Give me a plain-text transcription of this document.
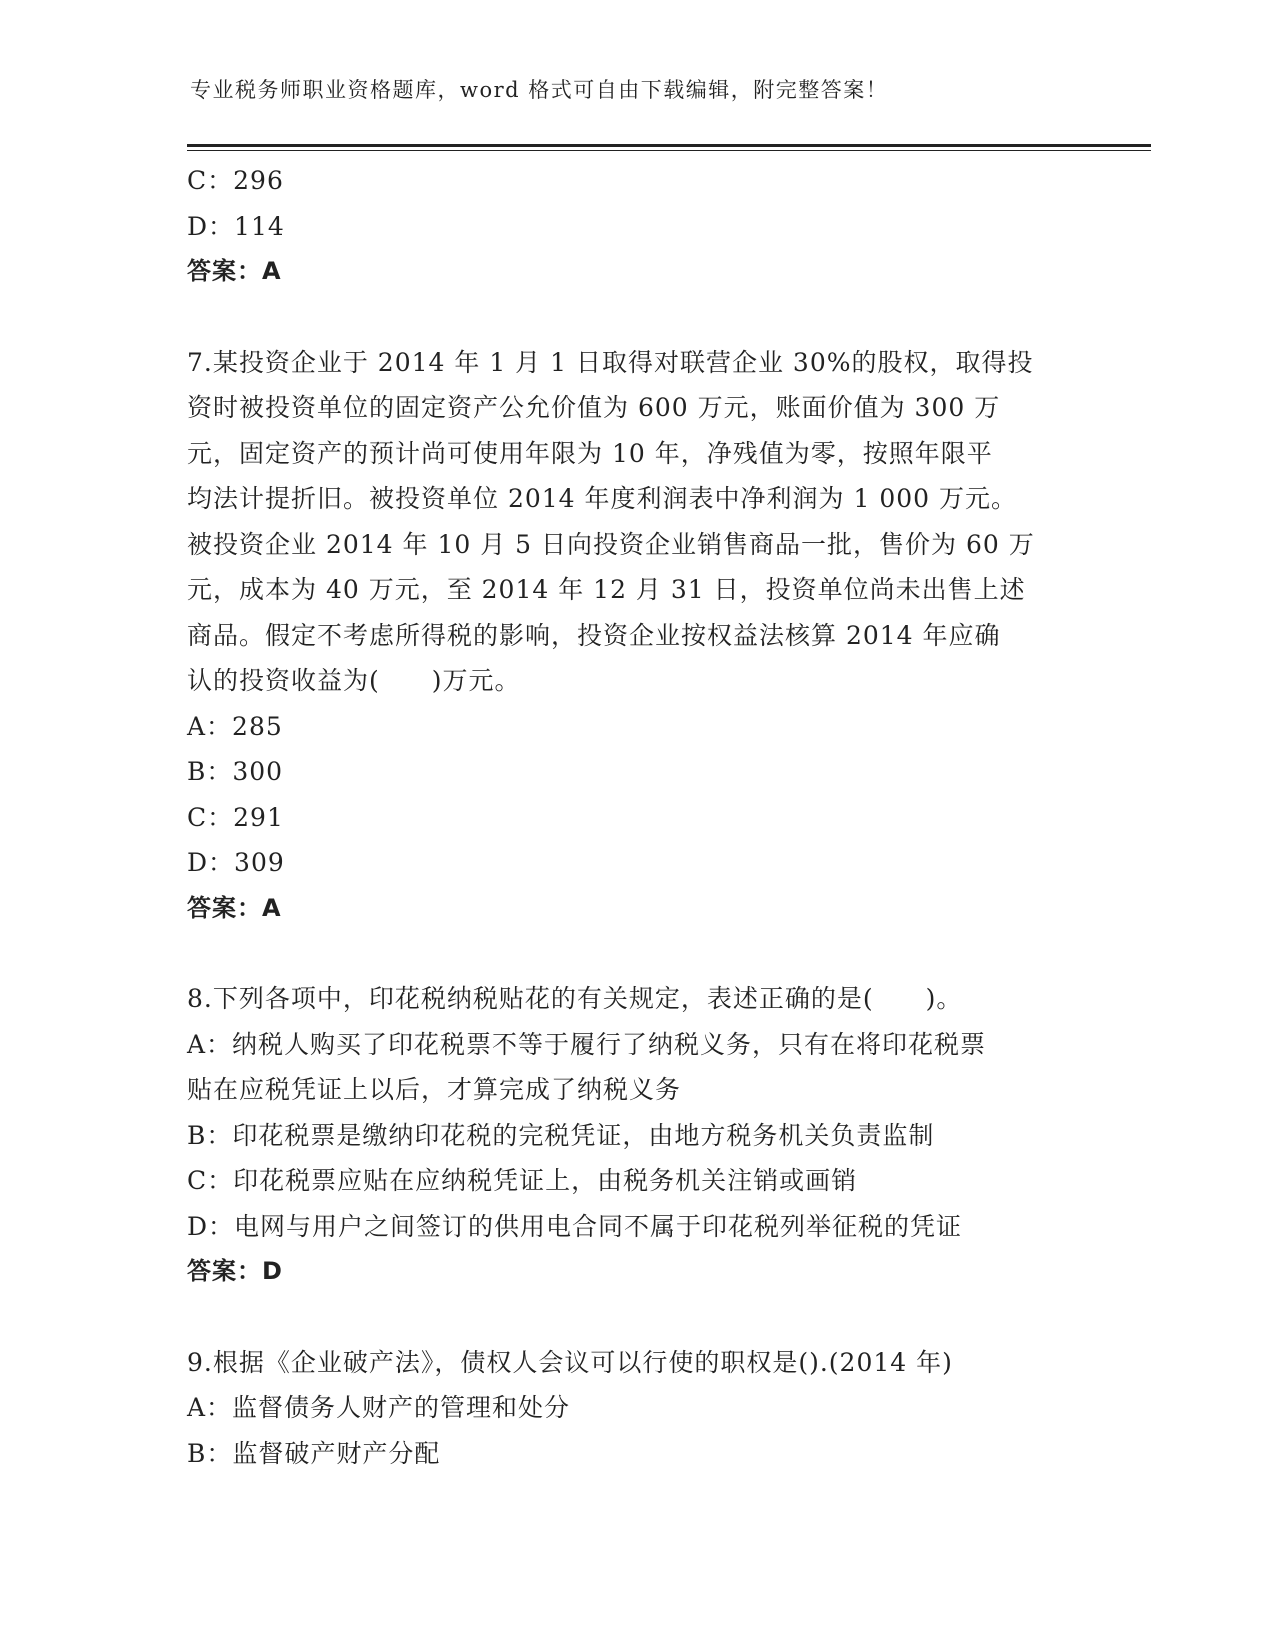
专业税务师职业资格题库，word 格式可自由下载编辑，附完整答案！
C：296
D：114
答案：A
7.某投资企业于 2014 年 1 月 1 日取得对联营企业 30%的股权，取得投
资时被投资单位的固定资产公允价值为 600 万元，账面价值为 300 万
元，固定资产的预计尚可使用年限为 10 年，净残值为零，按照年限平
均法计提折旧。被投资单位 2014 年度利润表中净利润为 1 000 万元。
被投资企业 2014 年 10 月 5 日向投资企业销售商品一批，售价为 60 万
元，成本为 40 万元，至 2014 年 12 月 31 日，投资单位尚未出售上述
商品。假定不考虑所得税的影响，投资企业按权益法核算 2014 年应确
认的投资收益为(　　)万元。
A：285
B：300
C：291
D：309
答案：A
8.下列各项中，印花税纳税贴花的有关规定，表述正确的是(　　)。
A：纳税人购买了印花税票不等于履行了纳税义务，只有在将印花税票
贴在应税凭证上以后，才算完成了纳税义务
B：印花税票是缴纳印花税的完税凭证，由地方税务机关负责监制
C：印花税票应贴在应纳税凭证上，由税务机关注销或画销
D：电网与用户之间签订的供用电合同不属于印花税列举征税的凭证
答案：D
9.根据《企业破产法》，债权人会议可以行使的职权是().(2014 年)
A：监督债务人财产的管理和处分
B：监督破产财产分配
